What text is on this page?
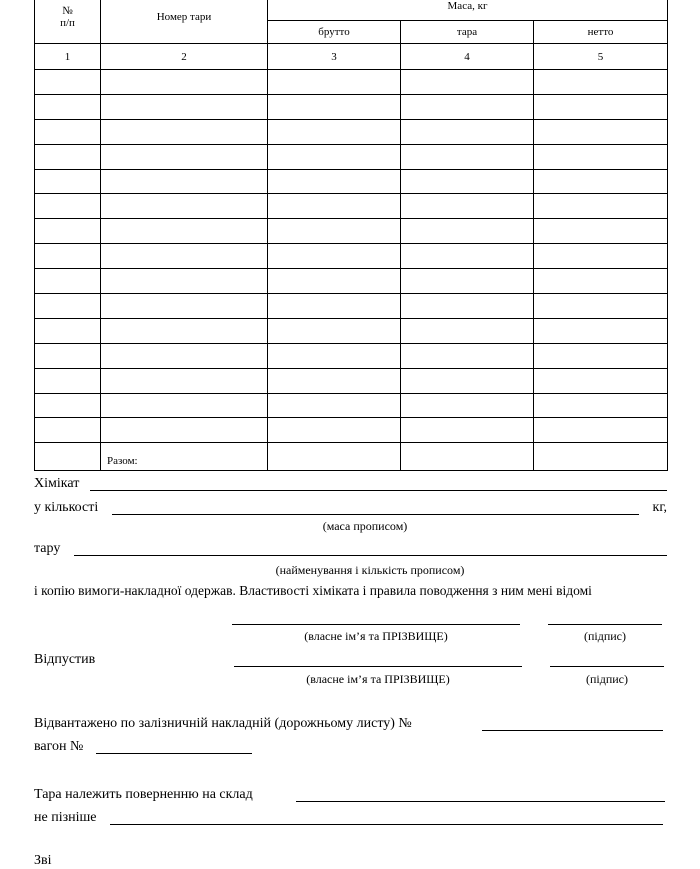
№
п/п	Номер тари	Маса, кг		
		брутто	тара	нетто
1	2	3	4	5

	Разом:			
Хімікат
у кількості	кг,
(маса прописом)
тару
(найменування і кількість прописом)
і копію вимоги-накладної одержав. Властивості хіміката і правила поводження з ним мені відомі
(власне ім’я та ПРІЗВИЩЕ)	(підпис)
Відпустив
(власне ім’я та ПРІЗВИЩЕ)	(підпис)
Відвантажено по залізничній накладній (дорожньому листу) №
вагон №
Тара належить поверненню на склад
не пізніше
Зві
